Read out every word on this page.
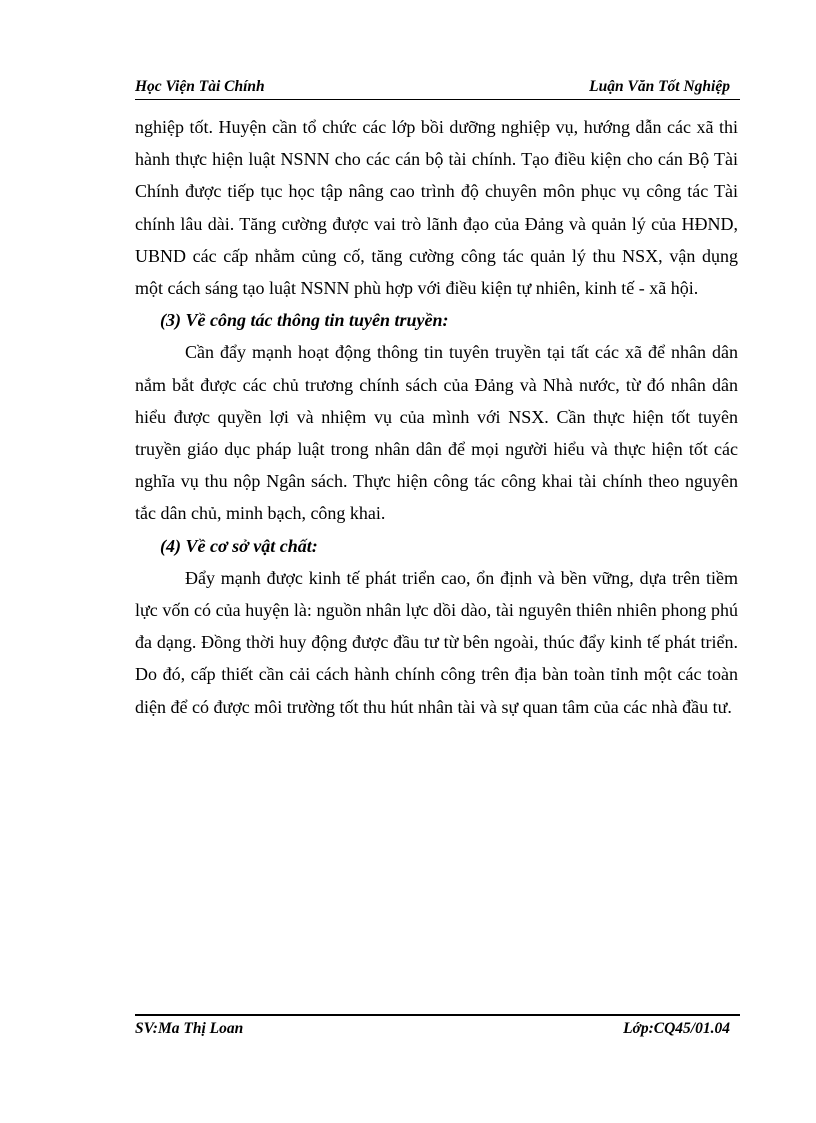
Học Viện Tài Chính	Luận Văn Tốt Nghiệp

nghiệp tốt. Huyện cần tổ chức các lớp bồi dưỡng nghiệp vụ, hướng dẫn các xã thi hành thực hiện luật NSNN cho các cán bộ tài chính. Tạo điều kiện cho cán Bộ Tài Chính được tiếp tục học tập nâng cao trình độ chuyên môn phục vụ công tác Tài chính lâu dài. Tăng cường được vai trò lãnh đạo của Đảng và quản lý của HĐND, UBND các cấp nhằm củng cố, tăng cường công tác quản lý thu NSX, vận dụng một cách sáng tạo luật NSNN phù hợp với điều kiện tự nhiên, kinh tế - xã hội.

(3) Về công tác thông tin tuyên truyền:

Cần đẩy mạnh hoạt động thông tin tuyên truyền tại tất các xã để nhân dân nắm bắt được các chủ trương chính sách của Đảng và Nhà nước, từ đó nhân dân hiểu được quyền lợi và nhiệm vụ của mình với NSX. Cần thực hiện tốt tuyên truyền giáo dục pháp luật trong nhân dân để mọi người hiểu và thực hiện tốt các nghĩa vụ thu nộp Ngân sách. Thực hiện công tác công khai tài chính theo nguyên tắc dân chủ, minh bạch, công khai.

(4) Về cơ sở vật chất:

Đẩy mạnh được kinh tế phát triển cao, ổn định và bền vững, dựa trên tiềm lực vốn có của huyện là: nguồn nhân lực dồi dào, tài nguyên thiên nhiên phong phú đa dạng. Đồng thời huy động được đầu tư từ bên ngoài, thúc đẩy kinh tế phát triển. Do đó, cấp thiết cần cải cách hành chính công trên địa bàn toàn tỉnh một các toàn diện để có được môi trường tốt thu hút nhân tài và sự quan tâm của các nhà đầu tư.

SV:Ma Thị Loan	Lớp:CQ45/01.04
